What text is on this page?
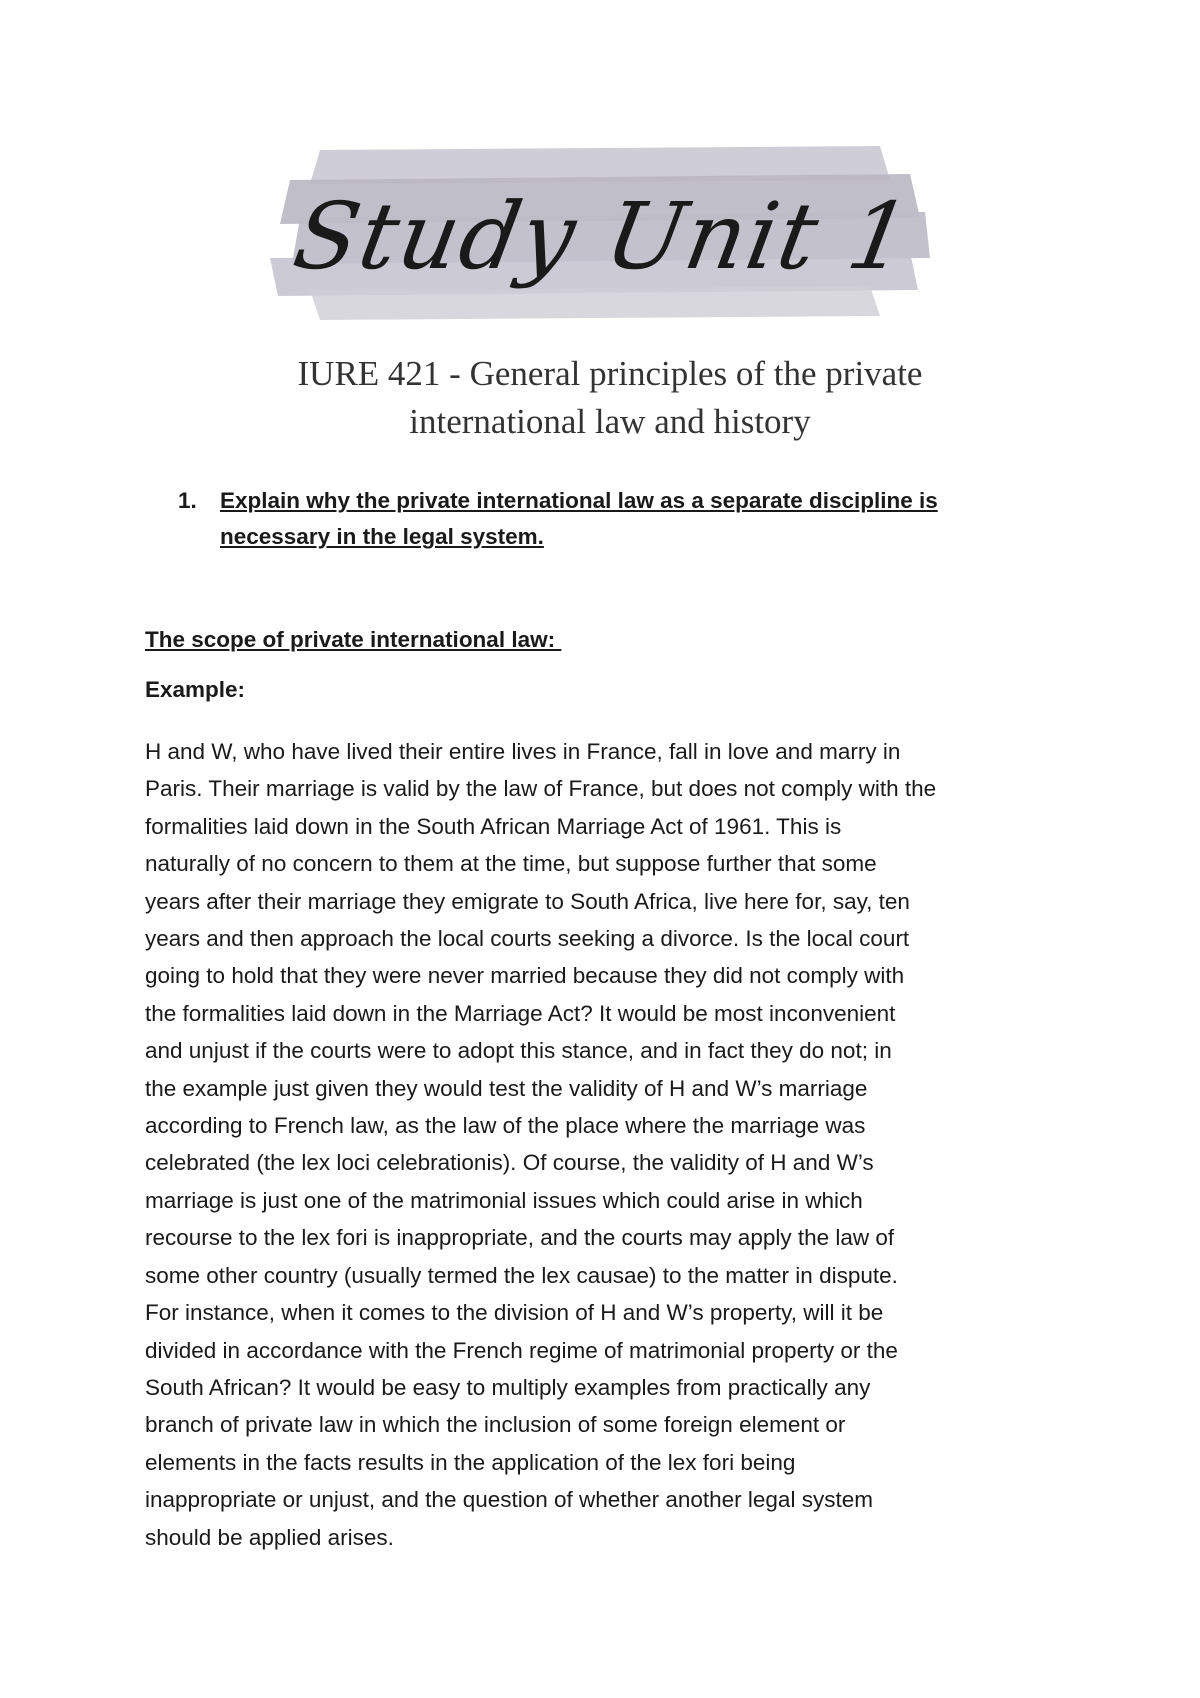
Study Unit 1
IURE 421 - General principles of the private
international law and history
1. Explain why the private international law as a separate discipline is
necessary in the legal system.
The scope of private international law:
Example:
H and W, who have lived their entire lives in France, fall in love and marry in
Paris. Their marriage is valid by the law of France, but does not comply with the
formalities laid down in the South African Marriage Act of 1961. This is
naturally of no concern to them at the time, but suppose further that some
years after their marriage they emigrate to South Africa, live here for, say, ten
years and then approach the local courts seeking a divorce. Is the local court
going to hold that they were never married because they did not comply with
the formalities laid down in the Marriage Act? It would be most inconvenient
and unjust if the courts were to adopt this stance, and in fact they do not; in
the example just given they would test the validity of H and W’s marriage
according to French law, as the law of the place where the marriage was
celebrated (the lex loci celebrationis). Of course, the validity of H and W’s
marriage is just one of the matrimonial issues which could arise in which
recourse to the lex fori is inappropriate, and the courts may apply the law of
some other country (usually termed the lex causae) to the matter in dispute.
For instance, when it comes to the division of H and W’s property, will it be
divided in accordance with the French regime of matrimonial property or the
South African? It would be easy to multiply examples from practically any
branch of private law in which the inclusion of some foreign element or
elements in the facts results in the application of the lex fori being
inappropriate or unjust, and the question of whether another legal system
should be applied arises.
